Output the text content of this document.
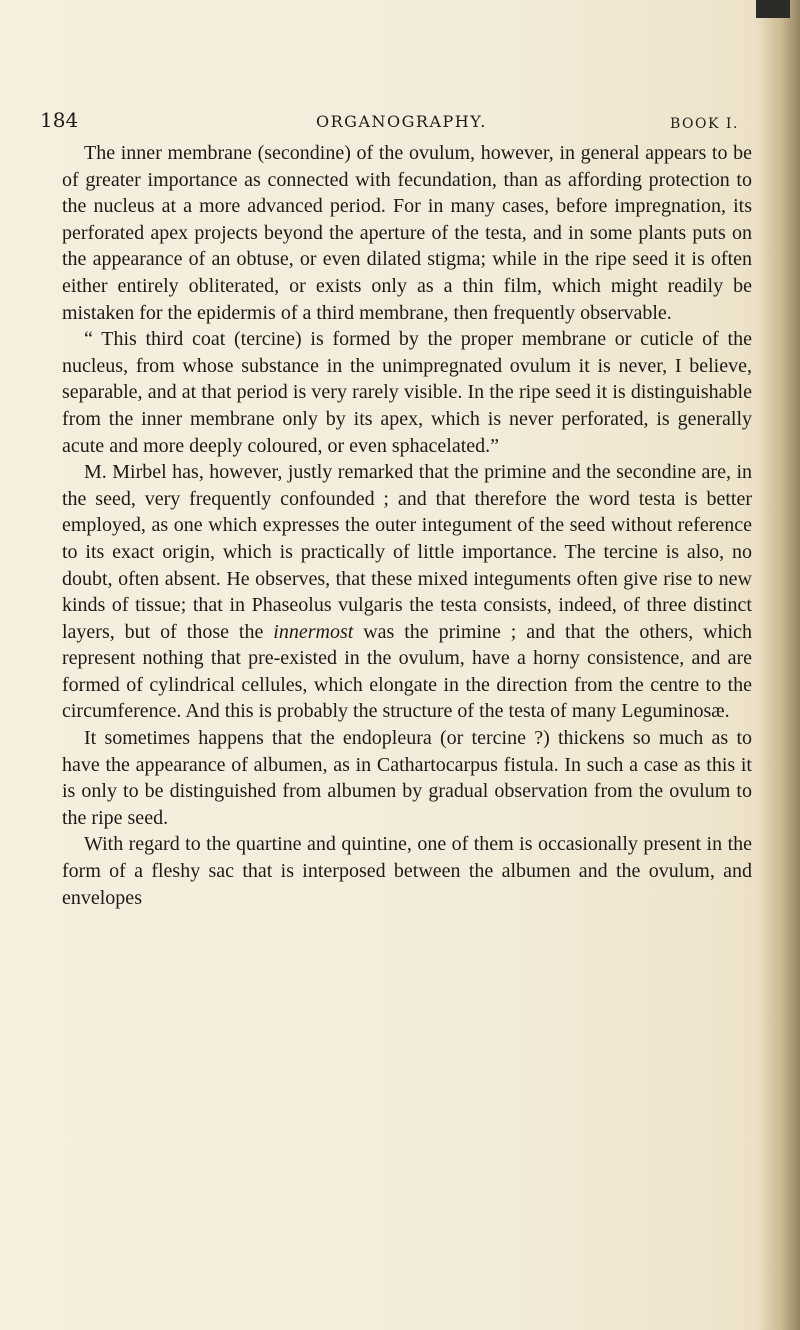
184	ORGANOGRAPHY.	BOOK I.

The inner membrane (secondine) of the ovulum, however, in general appears to be of greater importance as connected with fecundation, than as affording protection to the nucleus at a more advanced period. For in many cases, before impregnation, its perforated apex projects beyond the aperture of the testa, and in some plants puts on the appearance of an obtuse, or even dilated stigma; while in the ripe seed it is often either entirely obliterated, or exists only as a thin film, which might readily be mistaken for the epidermis of a third membrane, then frequently observable.

“ This third coat (tercine) is formed by the proper membrane or cuticle of the nucleus, from whose substance in the unimpregnated ovulum it is never, I believe, separable, and at that period is very rarely visible. In the ripe seed it is distinguishable from the inner membrane only by its apex, which is never perforated, is generally acute and more deeply coloured, or even sphacelated.”

M. Mirbel has, however, justly remarked that the primine and the secondine are, in the seed, very frequently confounded ; and that therefore the word testa is better employed, as one which expresses the outer integument of the seed without reference to its exact origin, which is practically of little importance. The tercine is also, no doubt, often absent. He observes, that these mixed integuments often give rise to new kinds of tissue; that in Phaseolus vulgaris the testa consists, indeed, of three distinct layers, but of those the innermost was the primine ; and that the others, which represent nothing that pre-existed in the ovulum, have a horny consistence, and are formed of cylindrical cellules, which elongate in the direction from the centre to the circumference. And this is probably the structure of the testa of many Leguminosæ.

It sometimes happens that the endopleura (or tercine ?) thickens so much as to have the appearance of albumen, as in Cathartocarpus fistula. In such a case as this it is only to be distinguished from albumen by gradual observation from the ovulum to the ripe seed.

With regard to the quartine and quintine, one of them is occasionally present in the form of a fleshy sac that is interposed between the albumen and the ovulum, and envelopes
